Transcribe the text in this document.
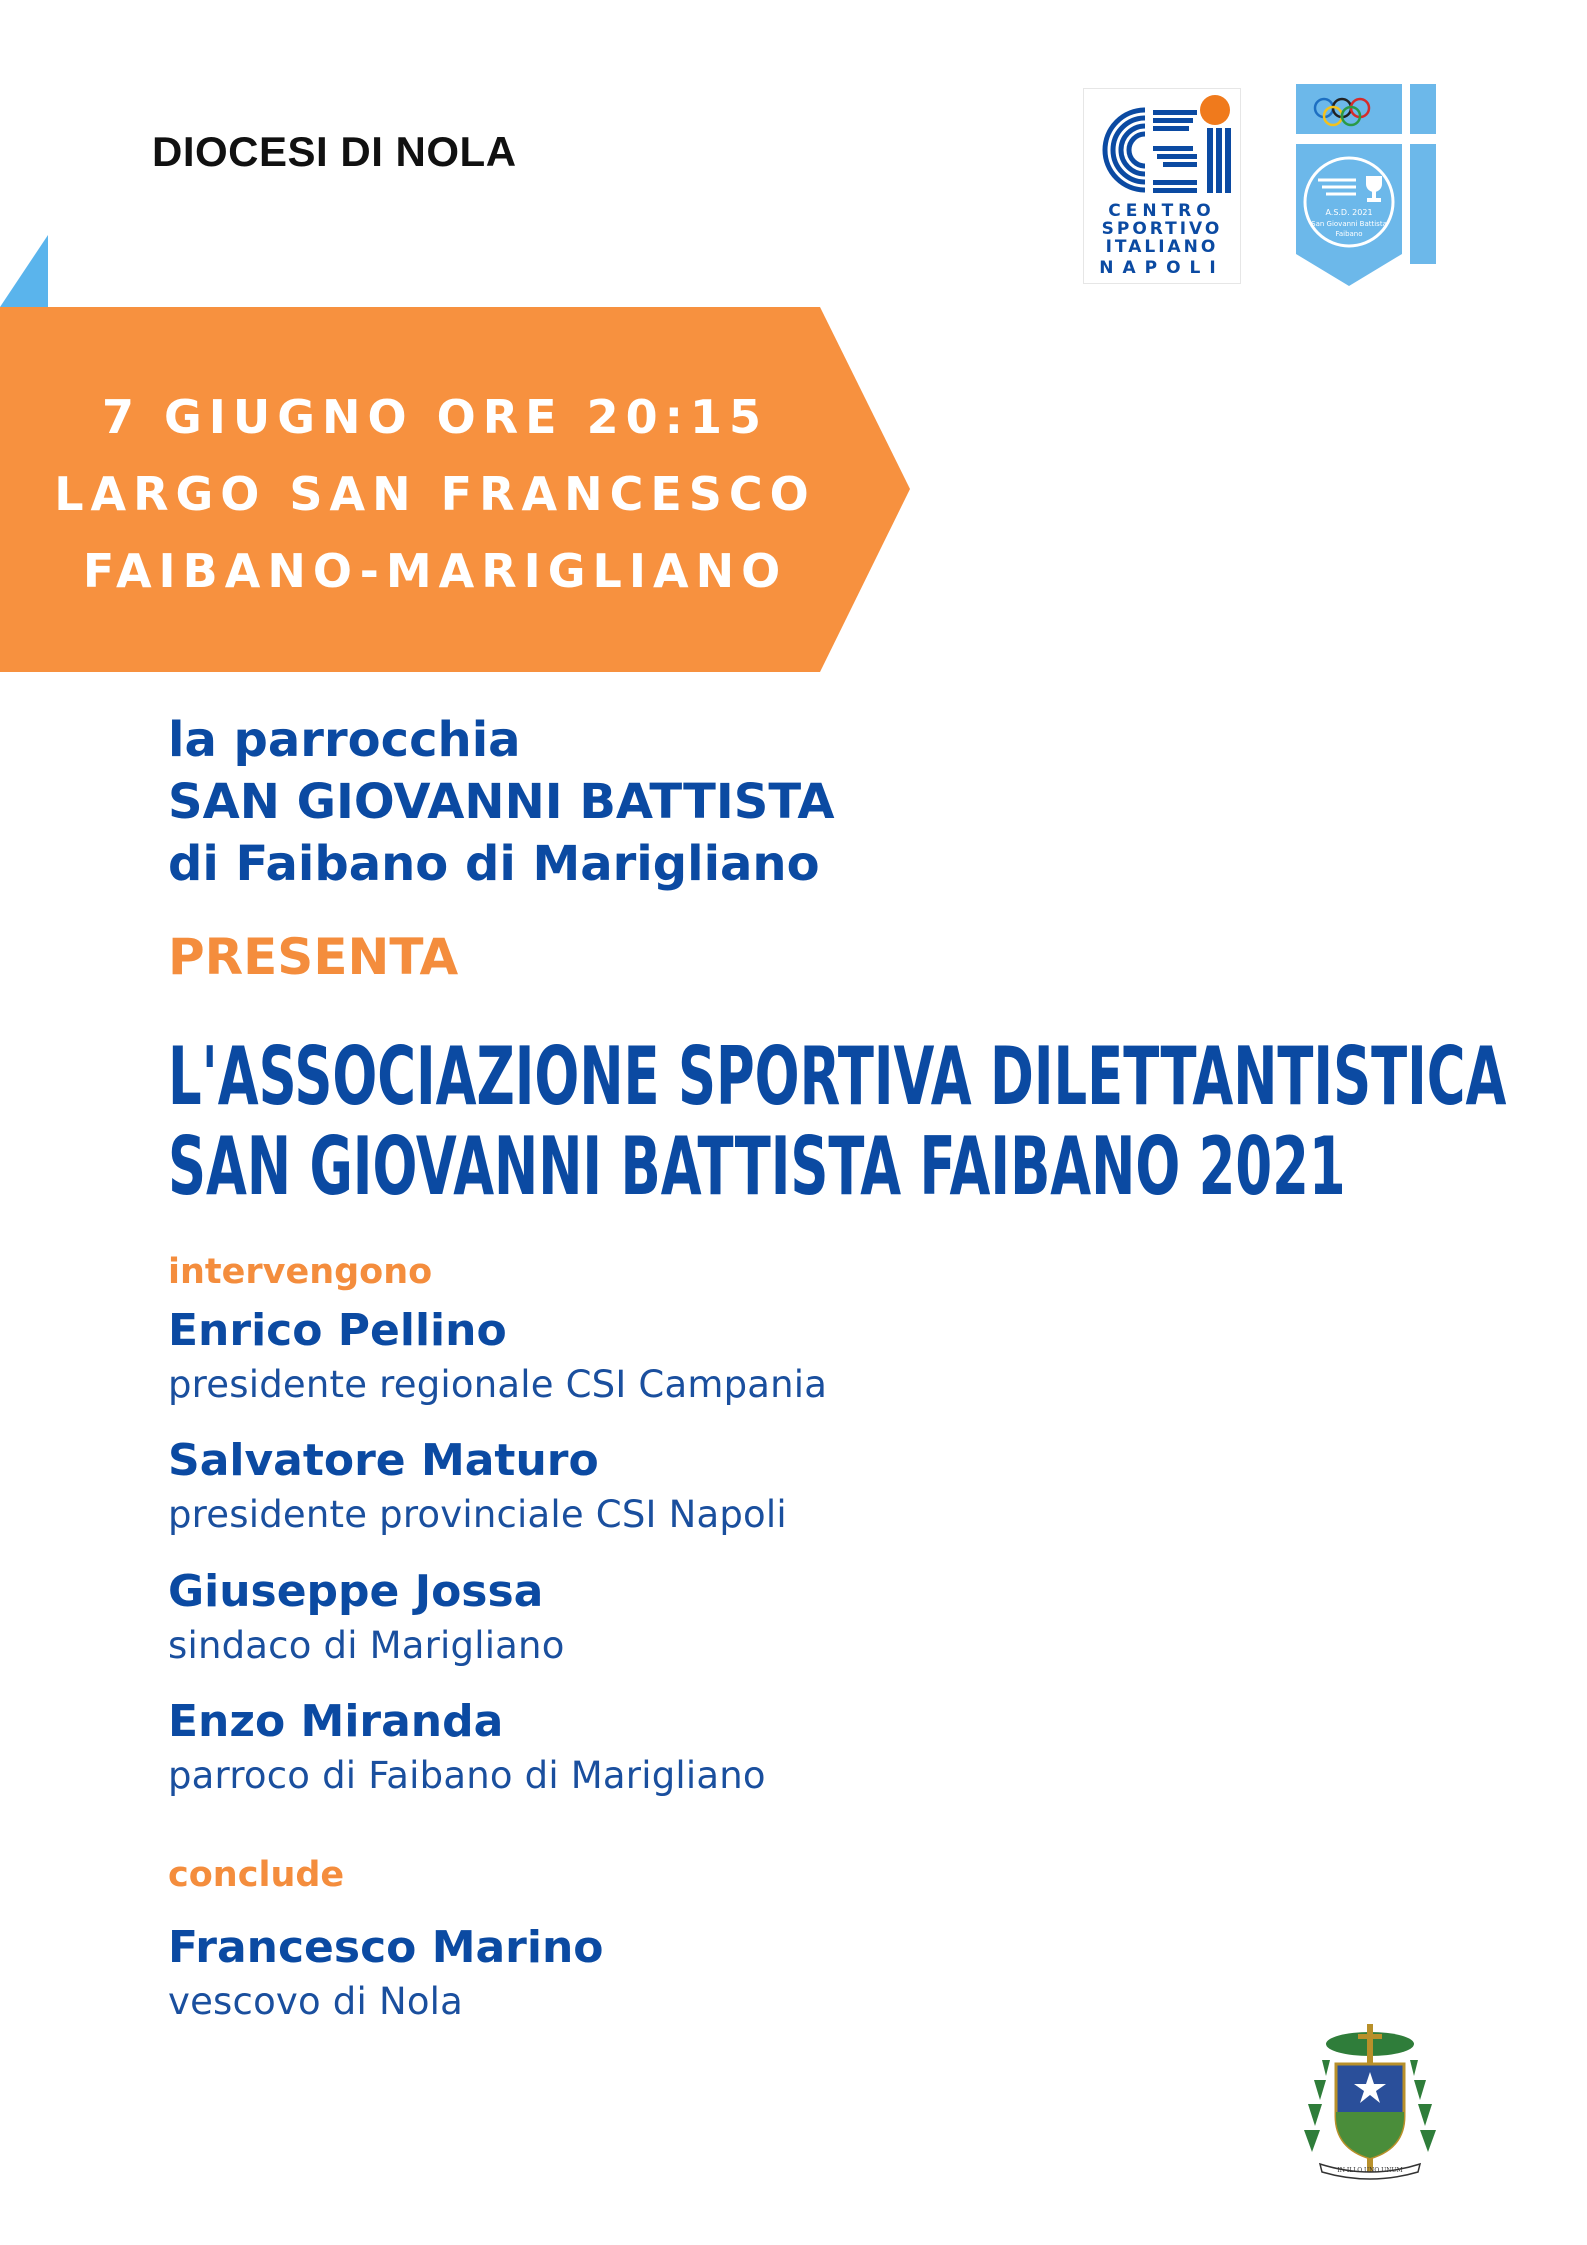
DIOCESI DI NOLA
CENTRO
SPORTIVO
ITALIANO
NAPOLI
A.S.D. 2021
San Giovanni Battista
Faibano
7 GIUGNO ORE 20:15
LARGO SAN FRANCESCO
FAIBANO-MARIGLIANO
la parrocchia
SAN GIOVANNI BATTISTA
di Faibano di Marigliano
PRESENTA
L'ASSOCIAZIONE SPORTIVA DILETTANTISTICA
SAN GIOVANNI BATTISTA FAIBANO 2021
intervengono
Enrico Pellino
presidente regionale CSI Campania
Salvatore Maturo
presidente provinciale CSI Napoli
Giuseppe Jossa
sindaco di Marigliano
Enzo Miranda
parroco di Faibano di Marigliano
conclude
Francesco Marino
vescovo di Nola
IN ILLO UNO UNUM
